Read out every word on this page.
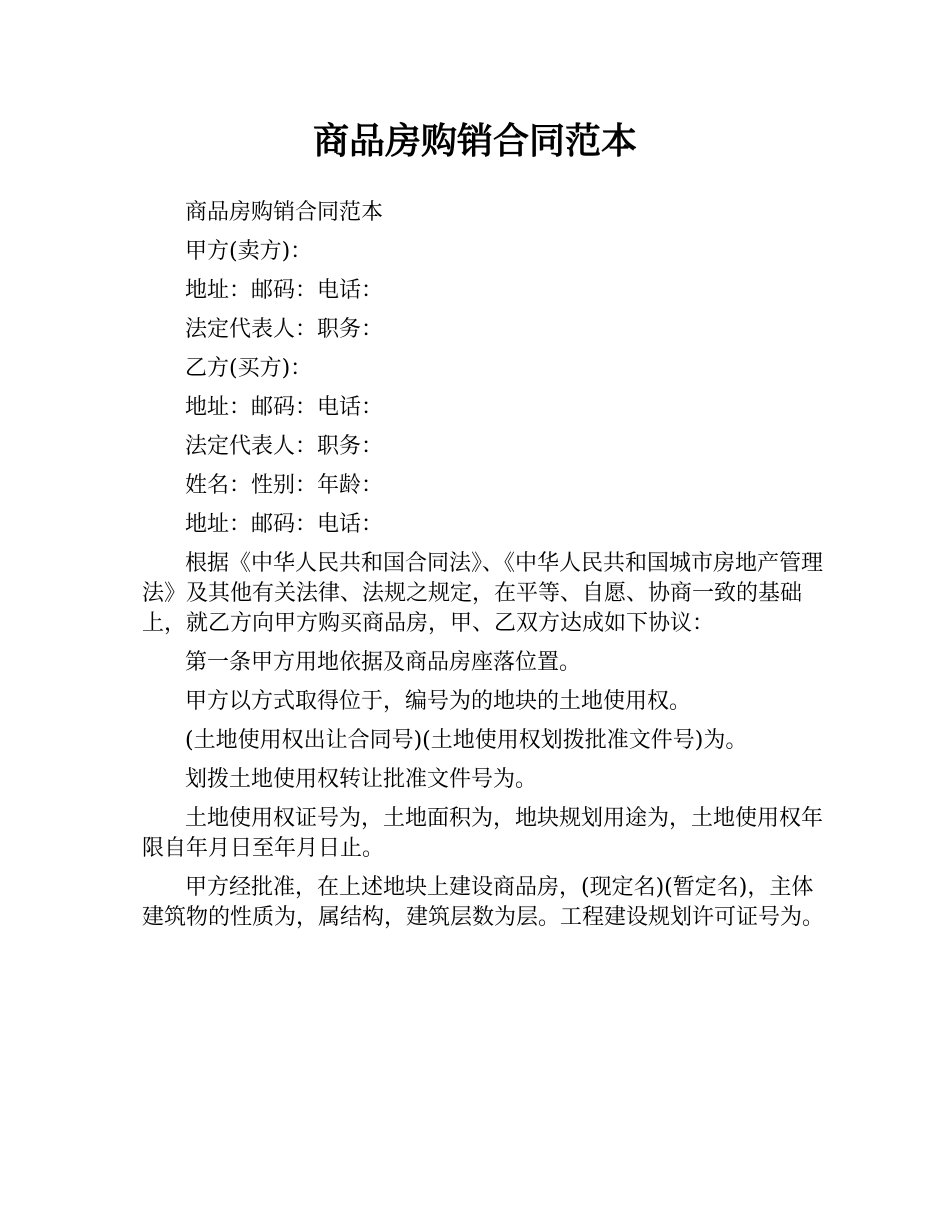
商品房购销合同范本

商品房购销合同范本

甲方(卖方)：

地址：邮码：电话：

法定代表人：职务：

乙方(买方)：

地址：邮码：电话：

法定代表人：职务：

姓名：性别：年龄：

地址：邮码：电话：

根据《中华人民共和国合同法》、《中华人民共和国城市房地产管理法》及其他有关法律、法规之规定，在平等、自愿、协商一致的基础上，就乙方向甲方购买商品房，甲、乙双方达成如下协议：

第一条甲方用地依据及商品房座落位置。

甲方以方式取得位于，编号为的地块的土地使用权。

(土地使用权出让合同号)(土地使用权划拨批准文件号)为。

划拨土地使用权转让批准文件号为。

土地使用权证号为，土地面积为，地块规划用途为，土地使用权年限自年月日至年月日止。

甲方经批准，在上述地块上建设商品房，(现定名)(暂定名)，主体建筑物的性质为，属结构，建筑层数为层。工程建设规划许可证号为。
